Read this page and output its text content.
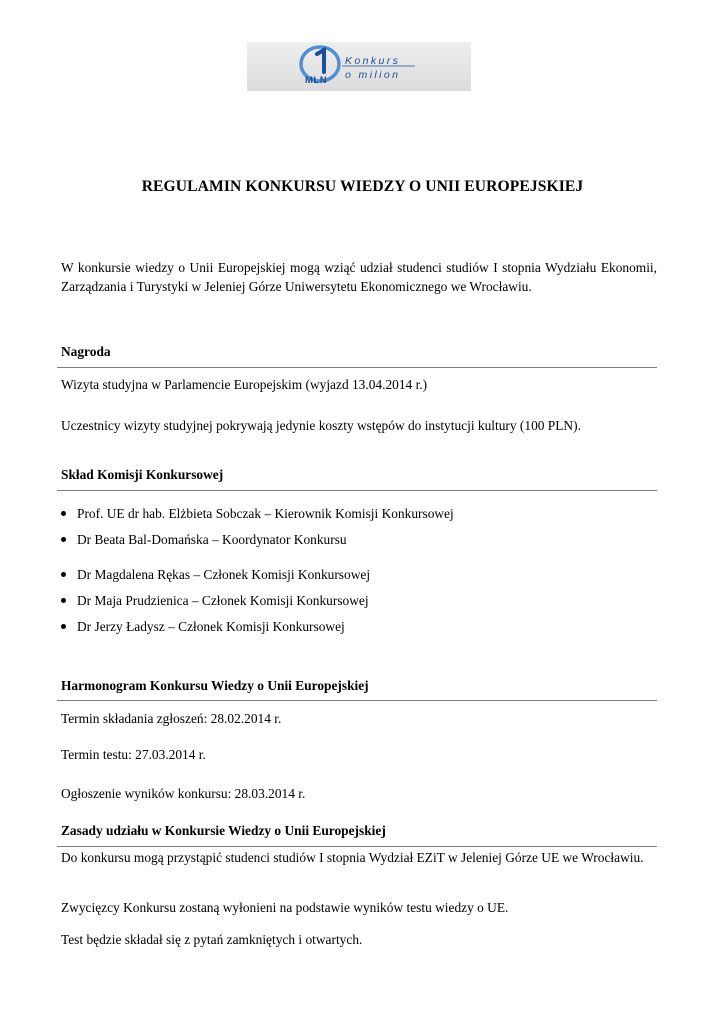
Konkurs
o milion
MLN
REGULAMIN KONKURSU WIEDZY O UNII EUROPEJSKIEJ

W konkursie wiedzy o Unii Europejskiej mogą wziąć udział studenci studiów I stopnia Wydziału Ekonomii, Zarządzania i Turystyki w Jeleniej Górze Uniwersytetu Ekonomicznego we Wrocławiu.

Nagroda

Wizyta studyjna w Parlamencie Europejskim (wyjazd 13.04.2014 r.)

Uczestnicy wizyty studyjnej pokrywają jedynie koszty wstępów do instytucji kultury (100 PLN).

Skład Komisji Konkursowej
Prof. UE dr hab. Elżbieta Sobczak – Kierownik Komisji Konkursowej
Dr Beata Bal-Domańska – Koordynator Konkursu
Dr Magdalena Rękas – Członek Komisji Konkursowej
Dr Maja Prudzienica – Członek Komisji Konkursowej
Dr Jerzy Ładysz – Członek Komisji Konkursowej
Harmonogram Konkursu Wiedzy o Unii Europejskiej

Termin składania zgłoszeń: 28.02.2014 r.

Termin testu: 27.03.2014 r.

Ogłoszenie wyników konkursu: 28.03.2014 r.

Zasady udziału w Konkursie Wiedzy o Unii Europejskiej

Do konkursu mogą przystąpić studenci studiów I stopnia Wydział EZiT w Jeleniej Górze UE we Wrocławiu.

Zwycięzcy Konkursu zostaną wyłonieni na podstawie wyników testu wiedzy o UE.

Test będzie składał się z pytań zamkniętych i otwartych.
